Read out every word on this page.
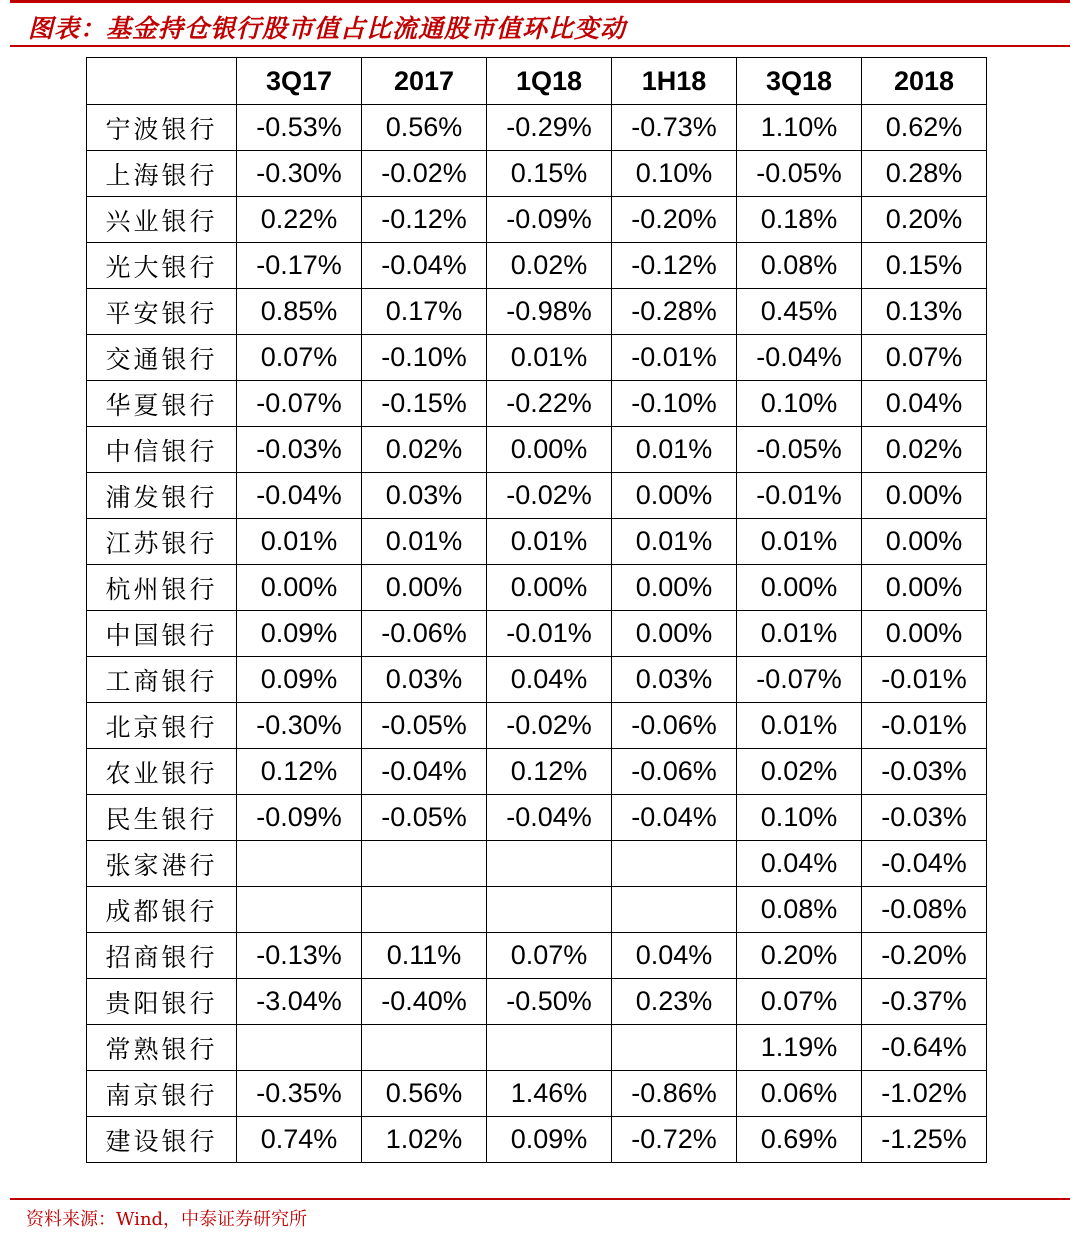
图表：基金持仓银行股市值占比流通股市值环比变动
	3Q17	2017	1Q18	1H18	3Q18	2018
宁波银行	-0.53%	0.56%	-0.29%	-0.73%	1.10%	0.62%
上海银行	-0.30%	-0.02%	0.15%	0.10%	-0.05%	0.28%
兴业银行	0.22%	-0.12%	-0.09%	-0.20%	0.18%	0.20%
光大银行	-0.17%	-0.04%	0.02%	-0.12%	0.08%	0.15%
平安银行	0.85%	0.17%	-0.98%	-0.28%	0.45%	0.13%
交通银行	0.07%	-0.10%	0.01%	-0.01%	-0.04%	0.07%
华夏银行	-0.07%	-0.15%	-0.22%	-0.10%	0.10%	0.04%
中信银行	-0.03%	0.02%	0.00%	0.01%	-0.05%	0.02%
浦发银行	-0.04%	0.03%	-0.02%	0.00%	-0.01%	0.00%
江苏银行	0.01%	0.01%	0.01%	0.01%	0.01%	0.00%
杭州银行	0.00%	0.00%	0.00%	0.00%	0.00%	0.00%
中国银行	0.09%	-0.06%	-0.01%	0.00%	0.01%	0.00%
工商银行	0.09%	0.03%	0.04%	0.03%	-0.07%	-0.01%
北京银行	-0.30%	-0.05%	-0.02%	-0.06%	0.01%	-0.01%
农业银行	0.12%	-0.04%	0.12%	-0.06%	0.02%	-0.03%
民生银行	-0.09%	-0.05%	-0.04%	-0.04%	0.10%	-0.03%
张家港行					0.04%	-0.04%
成都银行					0.08%	-0.08%
招商银行	-0.13%	0.11%	0.07%	0.04%	0.20%	-0.20%
贵阳银行	-3.04%	-0.40%	-0.50%	0.23%	0.07%	-0.37%
常熟银行					1.19%	-0.64%
南京银行	-0.35%	0.56%	1.46%	-0.86%	0.06%	-1.02%
建设银行	0.74%	1.02%	0.09%	-0.72%	0.69%	-1.25%
资料来源：Wind，中泰证券研究所
